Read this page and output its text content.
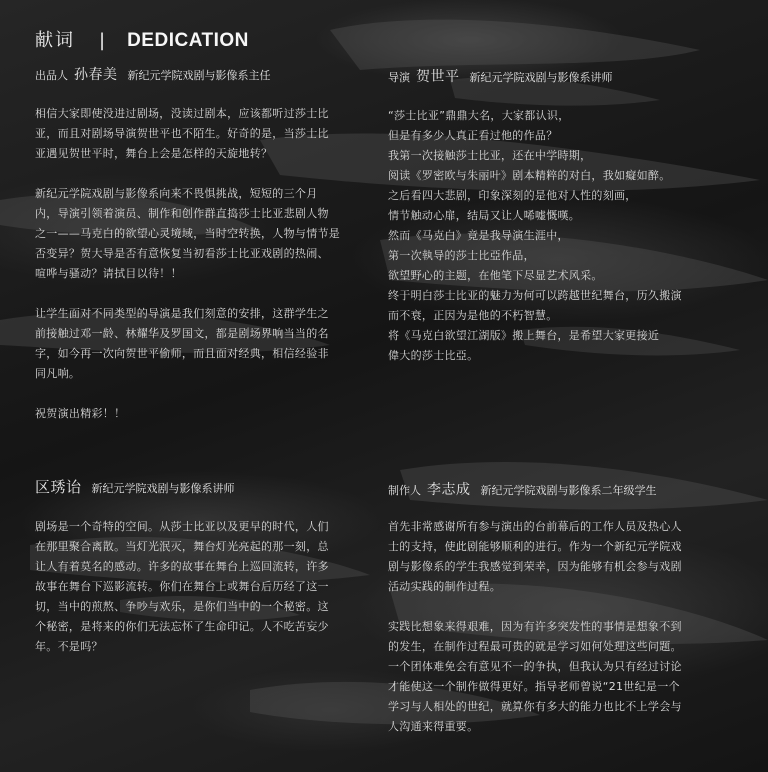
献词 | DEDICATION
出品人 孙春美 新纪元学院戏剧与影像系主任

相信大家即使没进过剧场，没读过剧本，应该都听过莎士比
亚，而且对剧场导演贺世平也不陌生。好奇的是，当莎士比
亚遇见贺世平时，舞台上会是怎样的天旋地转？

新纪元学院戏剧与影像系向来不畏惧挑战，短短的三个月
内，导演引领着演员、制作和创作群直捣莎士比亚悲剧人物
之一——马克白的欲望心灵境域，当时空转换，人物与情节是
否变异？贺大导是否有意恢复当初看莎士比亚戏剧的热闹、
喧哗与骚动？请拭目以待！！

让学生面对不同类型的导演是我们刻意的安排，这群学生之
前接触过邓一龄、林耀华及罗国文，都是剧场界响当当的名
字，如今再一次向贺世平偷师，而且面对经典，相信经验非
同凡响。

祝贺演出精彩！！

导演 贺世平 新纪元学院戏剧与影像系讲师

“莎士比亚”鼎鼎大名，大家都认识，
但是有多少人真正看过他的作品？
我第一次接触莎士比亚，还在中学時期，
阅读《罗密欧与朱丽叶》剧本精粹的对白，我如癡如醉。
之后看四大悲剧，印象深刻的是他对人性的刻画，
情节触动心扉，结局又让人唏嘘慨嘆。
然而《马克白》竟是我导演生涯中，
第一次執导的莎士比亞作品，
欲望野心的主题，在他笔下尽显艺术风采。
终于明白莎士比亚的魅力为何可以跨越世纪舞台，历久搬演
而不衰，正因为是他的不朽智慧。
将《马克白欲望江湖版》搬上舞台，是希望大家更接近
偉大的莎士比亞。

区琇诒 新纪元学院戏剧与影像系讲师

剧场是一个奇特的空间。从莎士比亚以及更早的时代，人们
在那里聚合离散。当灯光泯灭，舞台灯光亮起的那一刻，总
让人有着莫名的感动。许多的故事在舞台上巡回流转，许多
故事在舞台下巡影流转。你们在舞台上或舞台后历经了这一
切，当中的煎熬、争吵与欢乐，是你们当中的一个秘密。这
个秘密，是将来的你们无法忘怀了生命印记。人不吃苦妄少
年。不是吗？

制作人 李志成 新纪元学院戏剧与影像系二年级学生

首先非常感谢所有参与演出的台前幕后的工作人员及热心人
士的支持，使此剧能够顺利的进行。作为一个新纪元学院戏
剧与影像系的学生我感觉到荣幸，因为能够有机会参与戏剧
活动实践的制作过程。

实践比想象来得艰难，因为有许多突发性的事情是想象不到
的发生，在制作过程最可贵的就是学习如何处理这些问题。
一个团体难免会有意见不一的争执，但我认为只有经过讨论
才能使这一个制作做得更好。指导老师曾说“21世纪是一个
学习与人相处的世纪，就算你有多大的能力也比不上学会与
人沟通来得重要。
